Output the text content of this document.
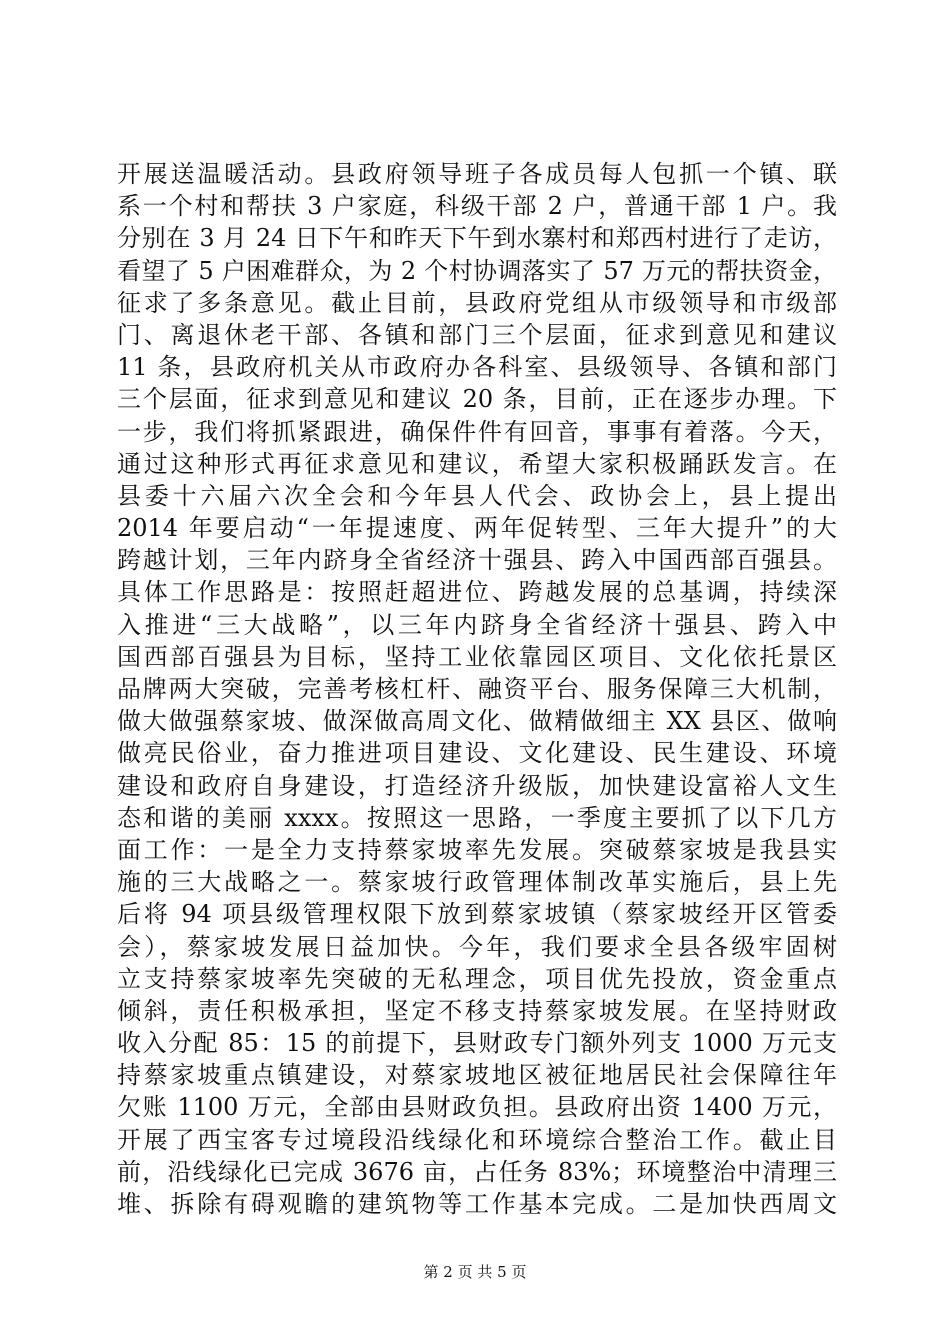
开展送温暖活动。县政府领导班子各成员每人包抓一个镇、联
系一个村和帮扶 3 户家庭，科级干部 2 户，普通干部 1 户。我
分别在 3 月 24 日下午和昨天下午到水寨村和郑西村进行了走访，
看望了 5 户困难群众，为 2 个村协调落实了 57 万元的帮扶资金，
征求了多条意见。截止目前，县政府党组从市级领导和市级部
门、离退休老干部、各镇和部门三个层面，征求到意见和建议
11 条，县政府机关从市政府办各科室、县级领导、各镇和部门
三个层面，征求到意见和建议 20 条，目前，正在逐步办理。下
一步，我们将抓紧跟进，确保件件有回音，事事有着落。今天，
通过这种形式再征求意见和建议，希望大家积极踊跃发言。在
县委十六届六次全会和今年县人代会、政协会上，县上提出
2014 年要启动“一年提速度、两年促转型、三年大提升”的大
跨越计划，三年内跻身全省经济十强县、跨入中国西部百强县。
具体工作思路是：按照赶超进位、跨越发展的总基调，持续深
入推进“三大战略”，以三年内跻身全省经济十强县、跨入中
国西部百强县为目标，坚持工业依靠园区项目、文化依托景区
品牌两大突破，完善考核杠杆、融资平台、服务保障三大机制，
做大做强蔡家坡、做深做高周文化、做精做细主 XX 县区、做响
做亮民俗业，奋力推进项目建设、文化建设、民生建设、环境
建设和政府自身建设，打造经济升级版，加快建设富裕人文生
态和谐的美丽 xxxx。按照这一思路，一季度主要抓了以下几方
面工作：一是全力支持蔡家坡率先发展。突破蔡家坡是我县实
施的三大战略之一。蔡家坡行政管理体制改革实施后，县上先
后将 94 项县级管理权限下放到蔡家坡镇（蔡家坡经开区管委
会），蔡家坡发展日益加快。今年，我们要求全县各级牢固树
立支持蔡家坡率先突破的无私理念，项目优先投放，资金重点
倾斜，责任积极承担，坚定不移支持蔡家坡发展。在坚持财政
收入分配 85：15 的前提下，县财政专门额外列支 1000 万元支
持蔡家坡重点镇建设，对蔡家坡地区被征地居民社会保障往年
欠账 1100 万元，全部由县财政负担。县政府出资 1400 万元，
开展了西宝客专过境段沿线绿化和环境综合整治工作。截止目
前，沿线绿化已完成 3676 亩，占任务 83%；环境整治中清理三
堆、拆除有碍观瞻的建筑物等工作基本完成。二是加快西周文
第 2 页 共 5 页
